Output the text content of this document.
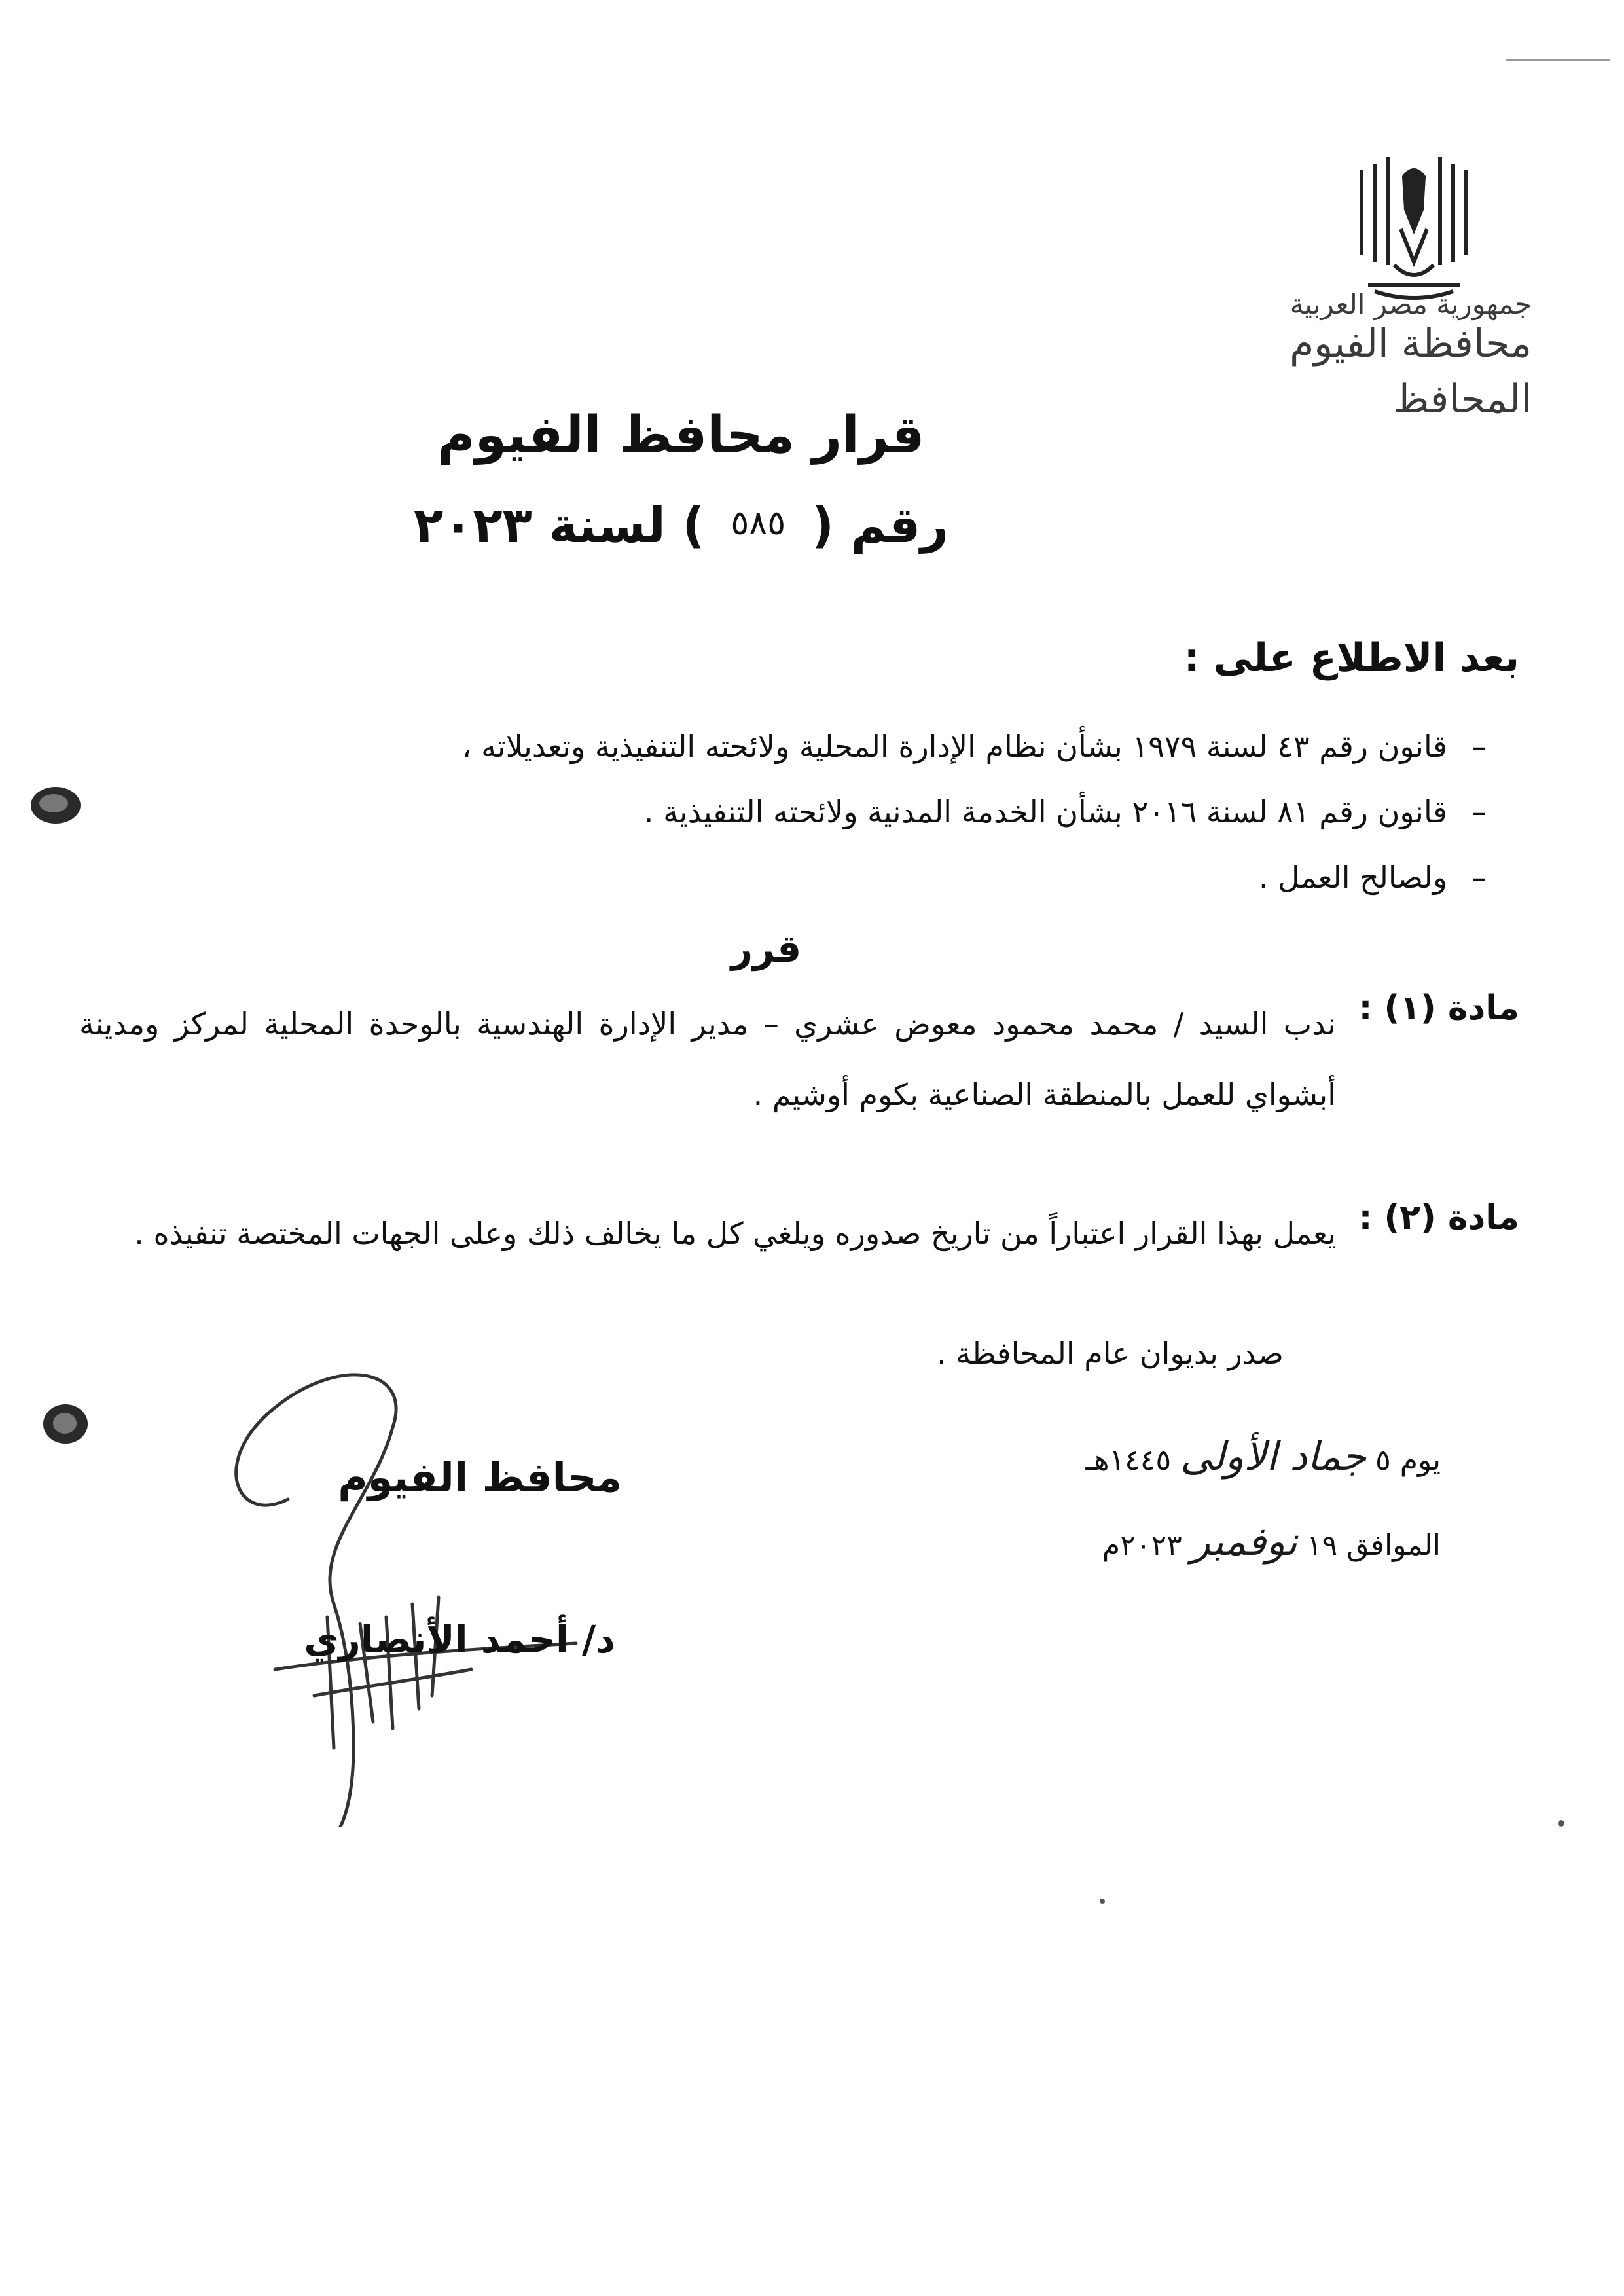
جمهورية مصر العربية
محافظة الفيوم
المحافظ
قرار محافظ الفيوم
رقم (٥٨٥) لسنة ٢٠٢٣
بعد الاطلاع على :
–قانون رقم ٤٣ لسنة ١٩٧٩ بشأن نظام الإدارة المحلية ولائحته التنفيذية وتعديلاته ،
–قانون رقم ٨١ لسنة ٢٠١٦ بشأن الخدمة المدنية ولائحته التنفيذية .
–ولصالح العمل .
قرر
مادة (١) :
ندب السيد / محمد محمود معوض عشري – مدير الإدارة الهندسية بالوحدة المحلية لمركز ومدينة أبشواي للعمل بالمنطقة الصناعية بكوم أوشيم .
مادة (٢) :
يعمل بهذا القرار اعتباراً من تاريخ صدوره ويلغي كل ما يخالف ذلك وعلى الجهات المختصة تنفيذه .
صدر بديوان عام المحافظة .
يوم ٥ جماد الأولى ١٤٤٥هـ
الموافق ١٩ نوفمبر ٢٠٢٣م
محافظ الفيوم
د/ أحمد الأنصاري
